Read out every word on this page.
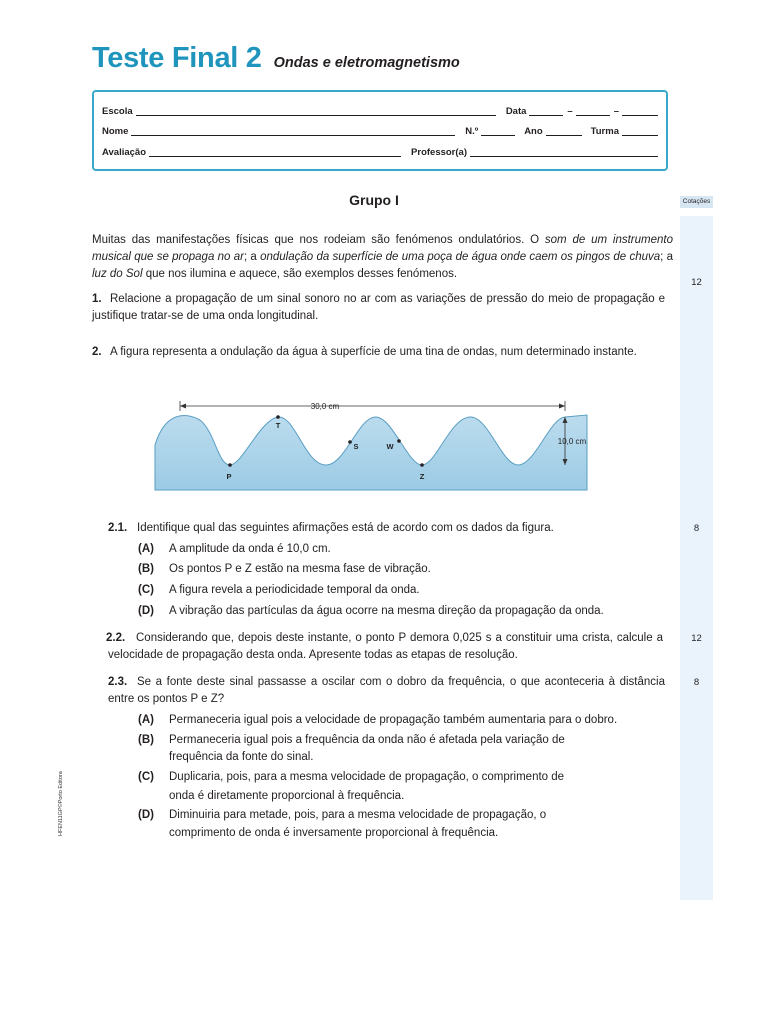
Teste Final 2 Ondas e eletromagnetismo
Escola	Data	–	–
Nome	N.º	Ano	Turma
Avaliação	Professor(a)
Cotações
12
8
12
8
Grupo I
Muitas das manifestações físicas que nos rodeiam são fenómenos ondulatórios. O som de um instrumento musical que se propaga no ar; a ondulação da superfície de uma poça de água onde caem os pingos de chuva; a luz do Sol que nos ilumina e aquece, são exemplos desses fenómenos.
1. Relacione a propagação de um sinal sonoro no ar com as variações de pressão do meio de propagação e justifique tratar-se de uma onda longitudinal.
2. A figura representa a ondulação da água à superfície de uma tina de ondas, num determinado instante.
30,0 cm
10,0 cm
T
S	W
P	Z
2.1. Identifique qual das seguintes afirmações está de acordo com os dados da figura.
(A) A amplitude da onda é 10,0 cm.
(B) Os pontos P e Z estão na mesma fase de vibração.
(C) A figura revela a periodicidade temporal da onda.
(D) A vibração das partículas da água ocorre na mesma direção da propagação da onda.
2.2. Considerando que, depois deste instante, o ponto P demora 0,025 s a constituir uma crista, calcule a velocidade de propagação desta onda. Apresente todas as etapas de resolução.
2.3. Se a fonte deste sinal passasse a oscilar com o dobro da frequência, o que aconteceria à distância entre os pontos P e Z?
(A) Permaneceria igual pois a velocidade de propagação também aumentaria para o dobro.
(B) Permaneceria igual pois a frequência da onda não é afetada pela variação de
frequência da fonte do sinal.
(C) Duplicaria, pois, para a mesma velocidade de propagação, o comprimento de
onda é diretamente proporcional à frequência.
(D) Diminuiria para metade, pois, para a mesma velocidade de propagação, o
comprimento de onda é inversamente proporcional à frequência.
HFEN11GP©Porto Editora
